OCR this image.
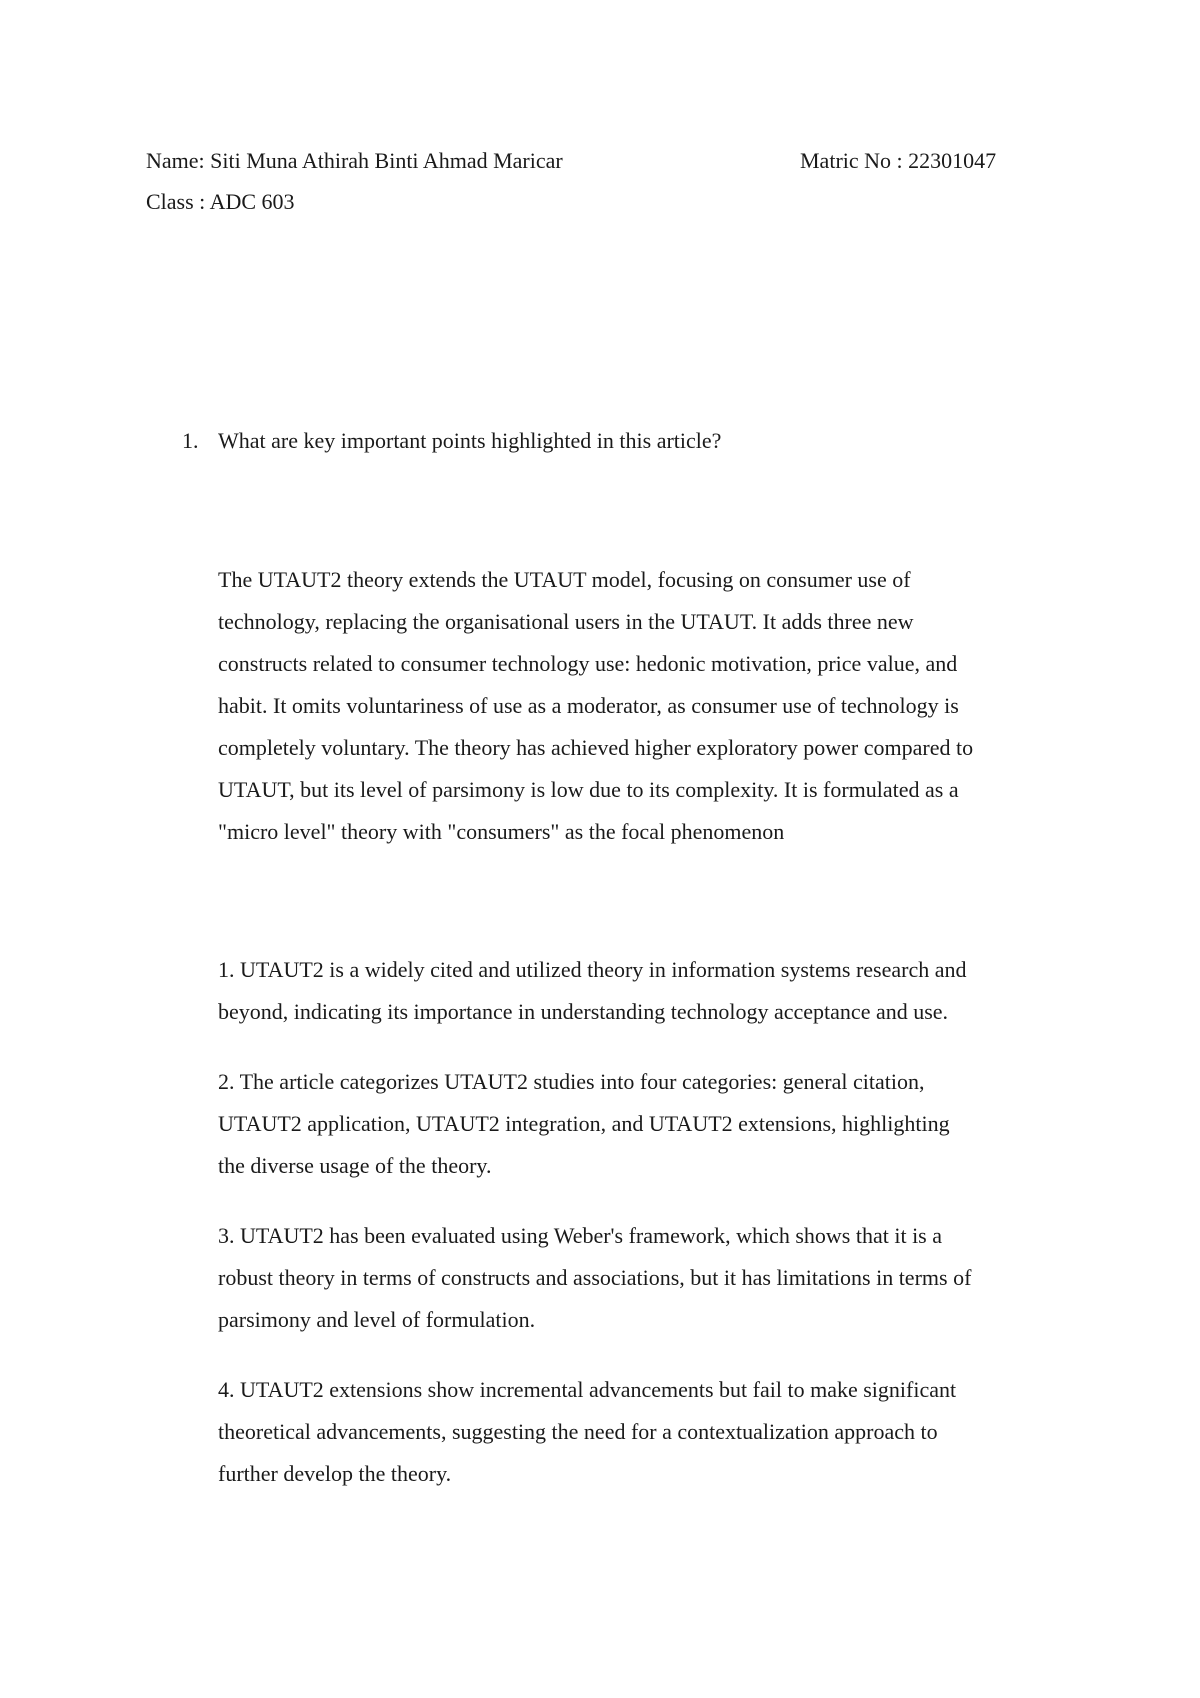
Name: Siti Muna Athirah Binti Ahmad Maricar	Matric No : 22301047
Class : ADC 603
1. What are key important points highlighted in this article?

The UTAUT2 theory extends the UTAUT model, focusing on consumer use of
technology, replacing the organisational users in the UTAUT. It adds three new
constructs related to consumer technology use: hedonic motivation, price value, and
habit. It omits voluntariness of use as a moderator, as consumer use of technology is
completely voluntary. The theory has achieved higher exploratory power compared to
UTAUT, but its level of parsimony is low due to its complexity. It is formulated as a
"micro level" theory with "consumers" as the focal phenomenon

1. UTAUT2 is a widely cited and utilized theory in information systems research and
beyond, indicating its importance in understanding technology acceptance and use.

2. The article categorizes UTAUT2 studies into four categories: general citation,
UTAUT2 application, UTAUT2 integration, and UTAUT2 extensions, highlighting
the diverse usage of the theory.

3. UTAUT2 has been evaluated using Weber's framework, which shows that it is a
robust theory in terms of constructs and associations, but it has limitations in terms of
parsimony and level of formulation.

4. UTAUT2 extensions show incremental advancements but fail to make significant
theoretical advancements, suggesting the need for a contextualization approach to
further develop the theory.
